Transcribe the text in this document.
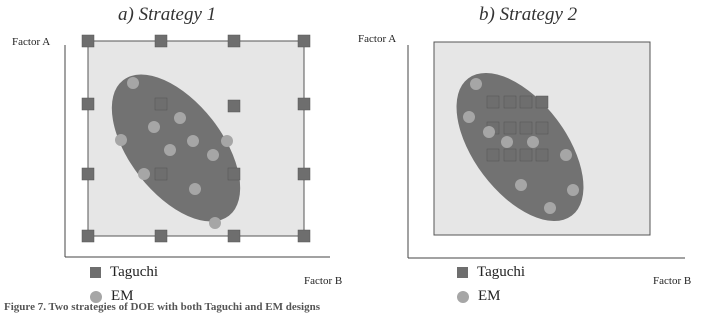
a) Strategy 1
Factor A
Factor B
Taguchi
EM
b) Strategy 2
Factor A
Factor B
Taguchi
EM
Figure 7. Two strategies of DOE with both Taguchi and EM designs
